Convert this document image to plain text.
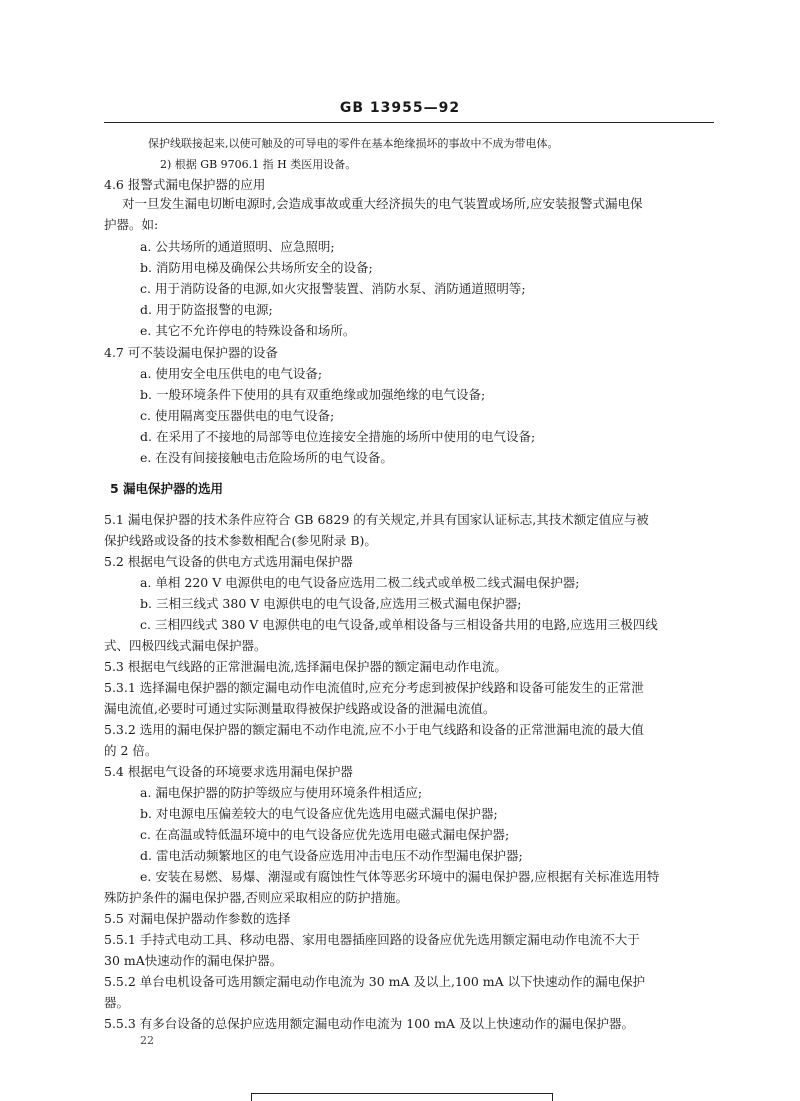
GB 13955—92
保护线联接起来,以使可触及的可导电的零件在基本绝缘损坏的事故中不成为带电体。
2) 根据 GB 9706.1 指 H 类医用设备。
4.6 报警式漏电保护器的应用
对一旦发生漏电切断电源时,会造成事故或重大经济损失的电气装置或场所,应安装报警式漏电保
护器。如:
a. 公共场所的通道照明、应急照明;
b. 消防用电梯及确保公共场所安全的设备;
c. 用于消防设备的电源,如火灾报警装置、消防水泵、消防通道照明等;
d. 用于防盗报警的电源;
e. 其它不允许停电的特殊设备和场所。
4.7 可不装设漏电保护器的设备
a. 使用安全电压供电的电气设备;
b. 一般环境条件下使用的具有双重绝缘或加强绝缘的电气设备;
c. 使用隔离变压器供电的电气设备;
d. 在采用了不接地的局部等电位连接安全措施的场所中使用的电气设备;
e. 在没有间接接触电击危险场所的电气设备。
5 漏电保护器的选用
5.1 漏电保护器的技术条件应符合 GB 6829 的有关规定,并具有国家认证标志,其技术额定值应与被
保护线路或设备的技术参数相配合(参见附录 B)。
5.2 根据电气设备的供电方式选用漏电保护器
a. 单相 220 V 电源供电的电气设备应选用二极二线式或单极二线式漏电保护器;
b. 三相三线式 380 V 电源供电的电气设备,应选用三极式漏电保护器;
c. 三相四线式 380 V 电源供电的电气设备,或单相设备与三相设备共用的电路,应选用三极四线
式、四极四线式漏电保护器。
5.3 根据电气线路的正常泄漏电流,选择漏电保护器的额定漏电动作电流。
5.3.1 选择漏电保护器的额定漏电动作电流值时,应充分考虑到被保护线路和设备可能发生的正常泄
漏电流值,必要时可通过实际测量取得被保护线路或设备的泄漏电流值。
5.3.2 选用的漏电保护器的额定漏电不动作电流,应不小于电气线路和设备的正常泄漏电流的最大值
的 2 倍。
5.4 根据电气设备的环境要求选用漏电保护器
a. 漏电保护器的防护等级应与使用环境条件相适应;
b. 对电源电压偏差较大的电气设备应优先选用电磁式漏电保护器;
c. 在高温或特低温环境中的电气设备应优先选用电磁式漏电保护器;
d. 雷电活动频繁地区的电气设备应选用冲击电压不动作型漏电保护器;
e. 安装在易燃、易爆、潮湿或有腐蚀性气体等恶劣环境中的漏电保护器,应根据有关标准选用特
殊防护条件的漏电保护器,否则应采取相应的防护措施。
5.5 对漏电保护器动作参数的选择
5.5.1 手持式电动工具、移动电器、家用电器插座回路的设备应优先选用额定漏电动作电流不大于
30 mA快速动作的漏电保护器。
5.5.2 单台电机设备可选用额定漏电动作电流为 30 mA 及以上,100 mA 以下快速动作的漏电保护
器。
5.5.3 有多台设备的总保护应选用额定漏电动作电流为 100 mA 及以上快速动作的漏电保护器。
22
